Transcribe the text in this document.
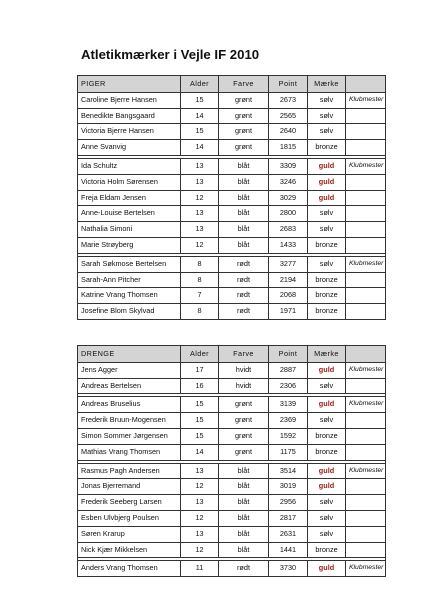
Atletikmærker i Vejle IF 2010
PIGER	Alder	Farve	Point	Mærke	
Caroline Bjerre Hansen	15	grønt	2673	sølv	Klubmester
Benedikte Bangsgaard	14	grønt	2565	sølv	
Victoria Bjerre Hansen	15	grønt	2640	sølv	
Anne Svanvig	14	grønt	1815	bronze	

Ida Schultz	13	blåt	3309	guld	Klubmester
Victoria Holm Sørensen	13	blåt	3246	guld	
Freja Eldam Jensen	12	blåt	3029	guld	
Anne-Louise Bertelsen	13	blåt	2800	sølv	
Nathalia Simoni	13	blåt	2683	sølv	
Marie Strøyberg	12	blåt	1433	bronze	

Sarah Søkmose Bertelsen	8	rødt	3277	sølv	Klubmester
Sarah-Ann Pitcher	8	rødt	2194	bronze	
Katrine Vrang Thomsen	7	rødt	2068	bronze	
Josefine Blom Skylvad	8	rødt	1971	bronze	
DRENGE	Alder	Farve	Point	Mærke	
Jens Agger	17	hvidt	2887	guld	Klubmester
Andreas Bertelsen	16	hvidt	2306	sølv	

Andreas Bruselius	15	grønt	3139	guld	Klubmester
Frederik Bruun-Mogensen	15	grønt	2369	sølv	
Simon Sommer Jørgensen	15	grønt	1592	bronze	
Mathias Vrang Thomsen	14	grønt	1175	bronze	

Rasmus Pagh Andersen	13	blåt	3514	guld	Klubmester
Jonas Bjerremand	12	blåt	3019	guld	
Frederik Seeberg Larsen	13	blåt	2956	sølv	
Esben Ulvbjerg Poulsen	12	blåt	2817	sølv	
Søren Krarup	13	blåt	2631	sølv	
Nick Kjær Mikkelsen	12	blåt	1441	bronze	

Anders Vrang Thomsen	11	rødt	3730	guld	Klubmester
